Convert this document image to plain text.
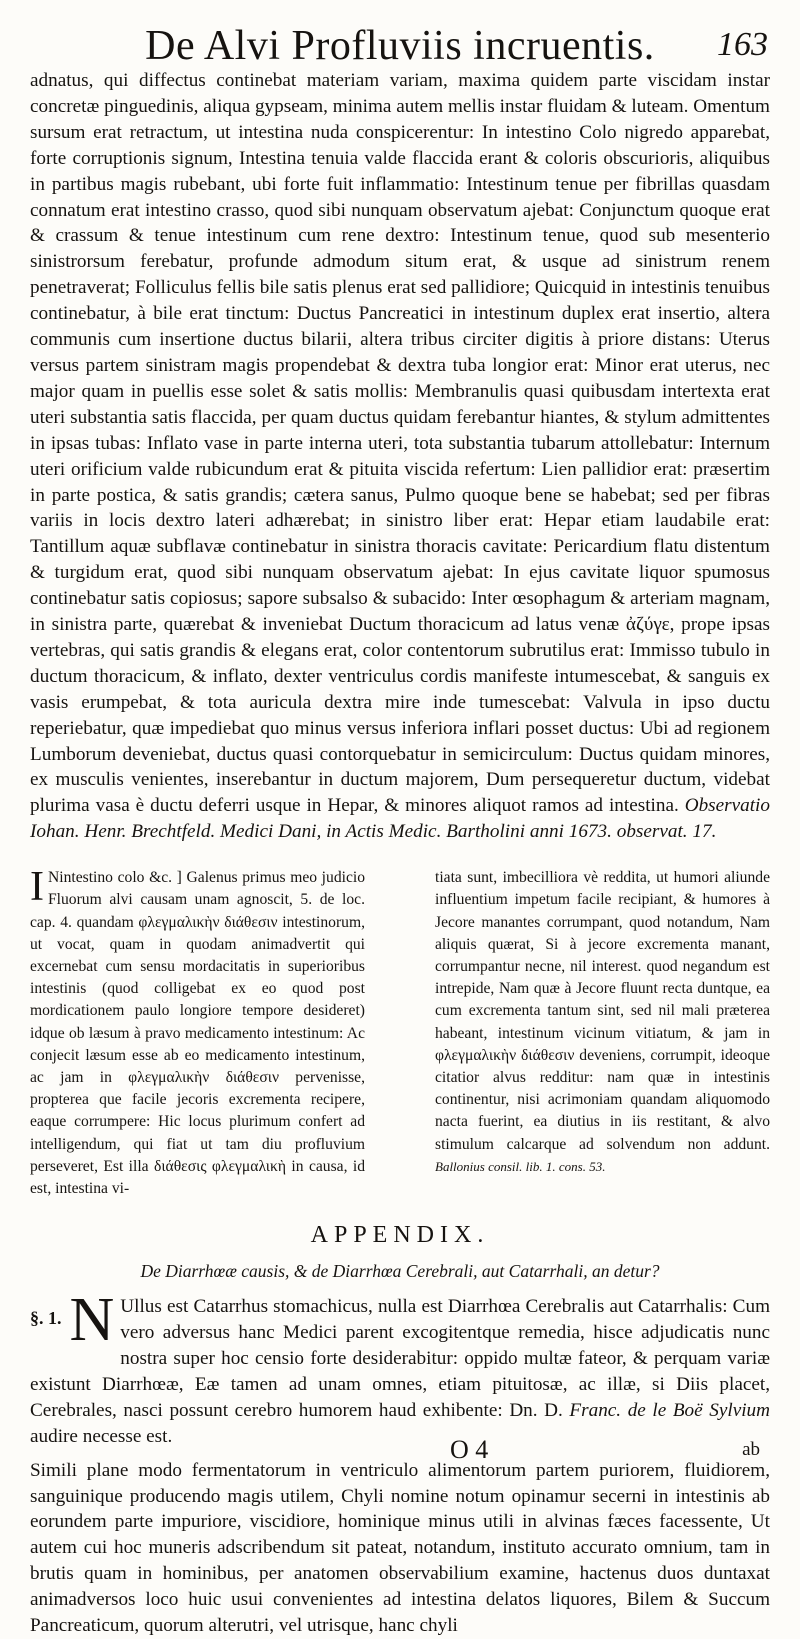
De Alvi Profluviis incruentis.	163

adnatus, qui diffectus continebat materiam variam, maxima quidem parte viscidam instar concretæ pinguedinis, aliqua gypseam, minima autem mellis instar fluidam & luteam. Omentum sursum erat retractum, ut intestina nuda conspicerentur: In intestino Colo nigredo apparebat, forte corruptionis signum, Intestina tenuia valde flaccida erant & coloris obscurioris, aliquibus in partibus magis rubebant, ubi forte fuit inflammatio: Intestinum tenue per fibrillas quasdam connatum erat intestino crasso, quod sibi nunquam observatum ajebat: Conjunctum quoque erat & crassum & tenue intestinum cum rene dextro: Intestinum tenue, quod sub mesenterio sinistrorsum ferebatur, profunde admodum situm erat, & usque ad sinistrum renem penetraverat; Folliculus fellis bile satis plenus erat sed pallidiore; Quicquid in intestinis tenuibus continebatur, à bile erat tinctum: Ductus Pancreatici in intestinum duplex erat insertio, altera communis cum insertione ductus bilarii, altera tribus circiter digitis à priore distans: Uterus versus partem sinistram magis propendebat & dextra tuba longior erat: Minor erat uterus, nec major quam in puellis esse solet & satis mollis: Membranulis quasi quibusdam intertexta erat uteri substantia satis flaccida, per quam ductus quidam ferebantur hiantes, & stylum admittentes in ipsas tubas: Inflato vase in parte interna uteri, tota substantia tubarum attollebatur: Internum uteri orificium valde rubicundum erat & pituita viscida refertum: Lien pallidior erat: præsertim in parte postica, & satis grandis; cætera sanus, Pulmo quoque bene se habebat; sed per fibras variis in locis dextro lateri adhærebat; in sinistro liber erat: Hepar etiam laudabile erat: Tantillum aquæ subflavæ continebatur in sinistra thoracis cavitate: Pericardium flatu distentum & turgidum erat, quod sibi nunquam observatum ajebat: In ejus cavitate liquor spumosus continebatur satis copiosus; sapore subsalso & subacido: Inter œsophagum & arteriam magnam, in sinistra parte, quærebat & inveniebat Ductum thoracicum ad latus venæ ἀζύγε, prope ipsas vertebras, qui satis grandis & elegans erat, color contentorum subrutilus erat: Immisso tubulo in ductum thoracicum, & inflato, dexter ventriculus cordis manifeste intumescebat, & sanguis ex vasis erumpebat, & tota auricula dextra mire inde tumescebat: Valvula in ipso ductu reperiebatur, quæ impediebat quo minus versus inferiora inflari posset ductus: Ubi ad regionem Lumborum deveniebat, ductus quasi contorquebatur in semicirculum: Ductus quidam minores, ex musculis venientes, inserebantur in ductum majorem, Dum persequeretur ductum, videbat plurima vasa è ductu deferri usque in Hepar, & minores aliquot ramos ad intestina. Observatio Iohan. Henr. Brechtfeld. Medici Dani, in Actis Medic. Bartholini anni 1673. observat. 17.

I Nintestino colo &c. ] Galenus primus meo judicio Fluorum alvi causam unam agnoscit, 5. de loc. cap. 4. quandam φλεγμαλικὴν διάθεσιν intestinorum, ut vocat, quam in quodam animadvertit qui excernebat cum sensu mordacitatis in superioribus intestinis (quod colligebat ex eo quod post mordicationem paulo longiore tempore desideret) idque ob læsum à pravo medicamento intestinum: Ac conjecit læsum esse ab eo medicamento intestinum, ac jam in φλεγμαλικὴν διάθεσιν pervenisse, propterea que facile jecoris excrementa recipere, eaque corrumpere: Hic locus plurimum confert ad intelligendum, qui fiat ut tam diu profluvium perseveret, Est illa διάθεσις φλεγμαλικὴ in causa, id est, intestina vi-

tiata sunt, imbecilliora vè reddita, ut humori aliunde influentium impetum facile recipiant, & humores à Jecore manantes corrumpant, quod notandum, Nam aliquis quærat, Si à jecore excrementa manant, corrumpantur necne, nil interest. quod negandum est intrepide, Nam quæ à Jecore fluunt recta duntque, ea cum excrementa tantum sint, sed nil mali præterea habeant, intestinum vicinum vitiatum, & jam in φλεγμαλικὴν διάθεσιν deveniens, corrumpit, ideoque citatior alvus redditur: nam quæ in intestinis continentur, nisi acrimoniam quandam aliquomodo nacta fuerint, ea diutius in iis restitant, & alvo stimulum calcarque ad solvendum non addunt. Ballonius consil. lib. 1. cons. 53.

APPENDIX.
De Diarrhœæ causis, & de Diarrhœa Cerebrali, aut Catarrhali, an detur?

§. 1. N Ullus est Catarrhus stomachicus, nulla est Diarrhœa Cerebralis aut Catarrhalis: Cum vero adversus hanc Medici parent excogitentque remedia, hisce adjudicatis nunc nostra super hoc censio forte desiderabitur: oppido multæ fateor, & perquam variæ existunt Diarrhœæ, Eæ tamen ad unam omnes, etiam pituitosæ, ac illæ, si Diis placet, Cerebrales, nasci possunt cerebro humorem haud exhibente: Dn. D. Franc. de le Boë Sylvium audire necesse est.

Simili plane modo fermentatorum in ventriculo alimentorum partem puriorem, fluidiorem, sanguinique producendo magis utilem, Chyli nomine notum opinamur secerni in intestinis ab eorundem parte impuriore, viscidiore, hominique minus utili in alvinas fæces facessente, Ut autem cui hoc muneris adscribendum sit pateat, notandum, instituto accurato omnium, tam in brutis quam in hominibus, per anatomen observabilium examine, hactenus duos duntaxat animadversos loco huic usui convenientes ad intestina delatos liquores, Bilem & Succum Pancreaticum, quorum alterutri, vel utrisque, hanc chyli

O 4	ab
